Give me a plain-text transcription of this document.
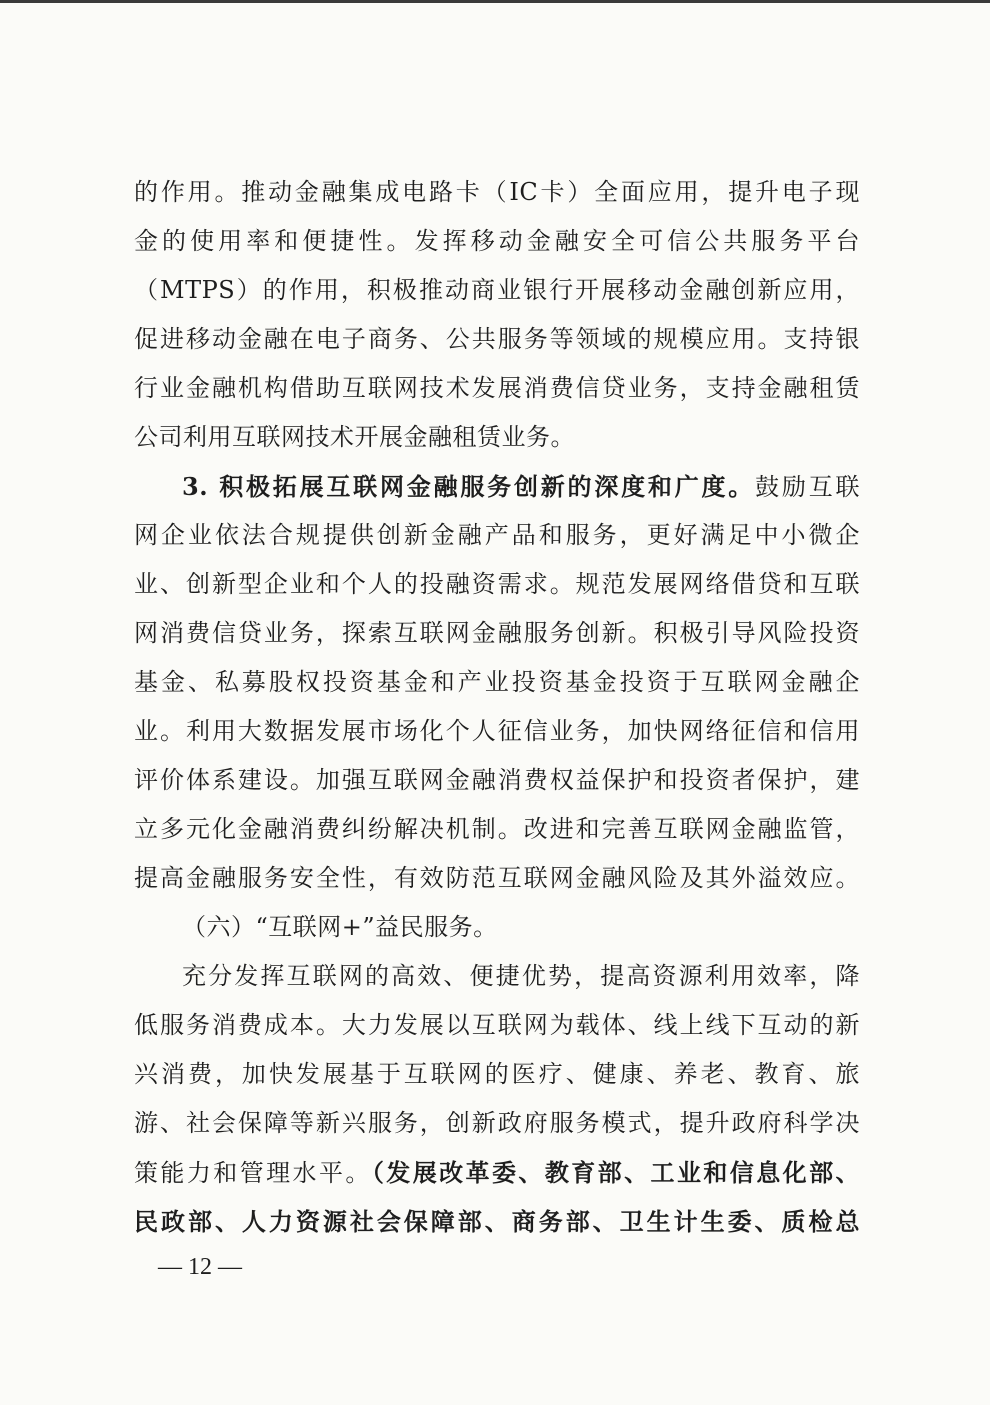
的作用。推动金融集成电路卡（IC卡）全面应用，提升电子现
金的使用率和便捷性。发挥移动金融安全可信公共服务平台
（MTPS）的作用，积极推动商业银行开展移动金融创新应用，
促进移动金融在电子商务、公共服务等领域的规模应用。支持银
行业金融机构借助互联网技术发展消费信贷业务，支持金融租赁
公司利用互联网技术开展金融租赁业务。
3. 积极拓展互联网金融服务创新的深度和广度。鼓励互联
网企业依法合规提供创新金融产品和服务，更好满足中小微企
业、创新型企业和个人的投融资需求。规范发展网络借贷和互联
网消费信贷业务，探索互联网金融服务创新。积极引导风险投资
基金、私募股权投资基金和产业投资基金投资于互联网金融企
业。利用大数据发展市场化个人征信业务，加快网络征信和信用
评价体系建设。加强互联网金融消费权益保护和投资者保护，建
立多元化金融消费纠纷解决机制。改进和完善互联网金融监管，
提高金融服务安全性，有效防范互联网金融风险及其外溢效应。
（六）“互联网+”益民服务。
充分发挥互联网的高效、便捷优势，提高资源利用效率，降
低服务消费成本。大力发展以互联网为载体、线上线下互动的新
兴消费，加快发展基于互联网的医疗、健康、养老、教育、旅
游、社会保障等新兴服务，创新政府服务模式，提升政府科学决
策能力和管理水平。（发展改革委、教育部、工业和信息化部、
民政部、人力资源社会保障部、商务部、卫生计生委、质检总
— 12 —
